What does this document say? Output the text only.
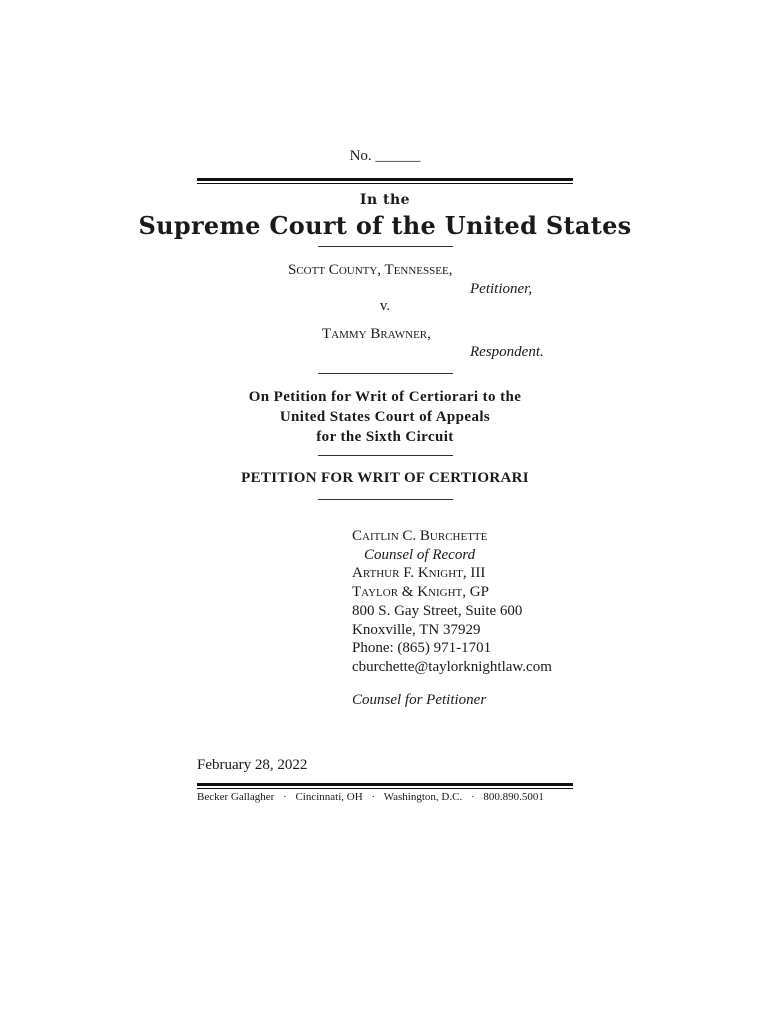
No. ______
In the
Supreme Court of the United States
Scott County, Tennessee,
Petitioner,
v.
Tammy Brawner,
Respondent.
On Petition for Writ of Certiorari to the
United States Court of Appeals
for the Sixth Circuit
PETITION FOR WRIT OF CERTIORARI
Caitlin C. Burchette
Counsel of Record
Arthur F. Knight, III
Taylor & Knight, GP
800 S. Gay Street, Suite 600
Knoxville, TN 37929
Phone: (865) 971-1701
cburchette@taylorknightlaw.com
Counsel for Petitioner
February 28, 2022
Becker Gallagher · Cincinnati, OH · Washington, D.C. · 800.890.5001
